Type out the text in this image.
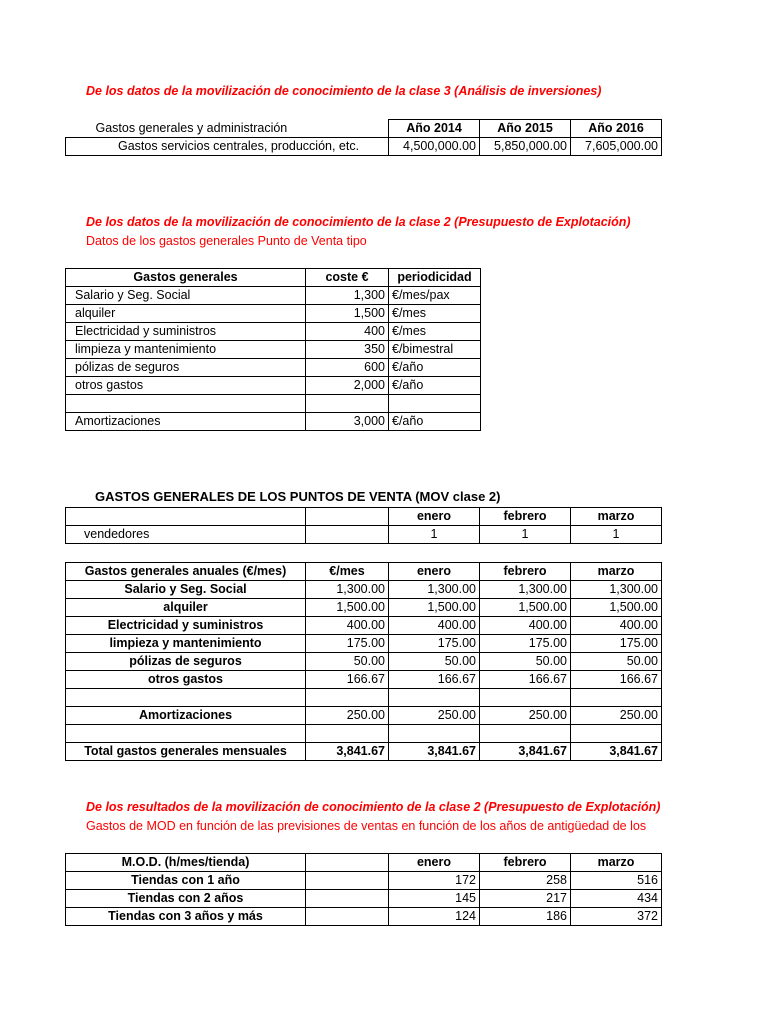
De los datos de la movilización de conocimiento de la clase 3 (Análisis de inversiones)
Gastos generales y administración	Año 2014	Año 2015	Año 2016
Gastos servicios centrales, producción, etc.	4,500,000.00	5,850,000.00	7,605,000.00
De los datos de la movilización de conocimiento de la clase 2 (Presupuesto de Explotación)
Datos de los gastos generales Punto de Venta tipo
Gastos generales	coste €	periodicidad
Salario y Seg. Social	1,300	€/mes/pax
alquiler	1,500	€/mes
Electricidad y suministros	400	€/mes
limpieza y mantenimiento	350	€/bimestral
pólizas de seguros	600	€/año
otros gastos	2,000	€/año

Amortizaciones	3,000	€/año
GASTOS GENERALES DE LOS PUNTOS DE VENTA (MOV clase 2)
		enero	febrero	marzo
vendedores		1	1	1
Gastos generales anuales (€/mes)	€/mes	enero	febrero	marzo
Salario y Seg. Social	1,300.00	1,300.00	1,300.00	1,300.00
alquiler	1,500.00	1,500.00	1,500.00	1,500.00
Electricidad y suministros	400.00	400.00	400.00	400.00
limpieza y mantenimiento	175.00	175.00	175.00	175.00
pólizas de seguros	50.00	50.00	50.00	50.00
otros gastos	166.67	166.67	166.67	166.67

Amortizaciones	250.00	250.00	250.00	250.00

Total gastos generales mensuales	3,841.67	3,841.67	3,841.67	3,841.67
De los resultados de la movilización de conocimiento de la clase 2 (Presupuesto de Explotación)
Gastos de MOD en función de las previsiones de ventas en función de los años de antigüedad de los
M.O.D. (h/mes/tienda)		enero	febrero	marzo
Tiendas con 1 año		172	258	516
Tiendas con 2 años		145	217	434
Tiendas con 3 años y más		124	186	372
